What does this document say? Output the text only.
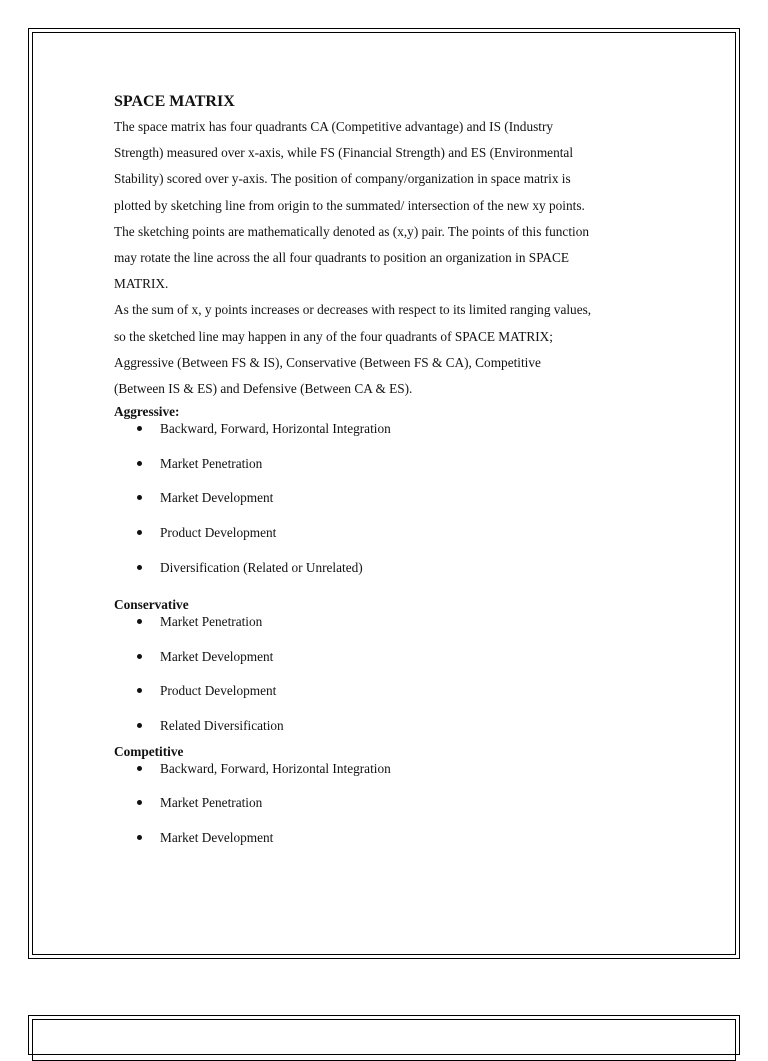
SPACE MATRIX

The space matrix has four quadrants CA (Competitive advantage) and IS (Industry

Strength) measured over x-axis, while FS (Financial Strength) and ES (Environmental

Stability) scored over y-axis. The position of company/organization in space matrix is

plotted by sketching line from origin to the summated/ intersection of the new xy points.

The sketching points are mathematically denoted as (x,y) pair. The points of this function

may rotate the line across the all four quadrants to position an organization in SPACE

MATRIX.

As the sum of x, y points increases or decreases with respect to its limited ranging values,

so the sketched line may happen in any of the four quadrants of SPACE MATRIX;

Aggressive (Between FS & IS), Conservative (Between FS & CA), Competitive

(Between IS & ES) and Defensive (Between CA & ES).

Aggressive:

Backward, Forward, Horizontal Integration
Market Penetration
Market Development
Product Development
Diversification (Related or Unrelated)

Conservative

Market Penetration
Market Development
Product Development
Related Diversification

Competitive

Backward, Forward, Horizontal Integration
Market Penetration
Market Development
